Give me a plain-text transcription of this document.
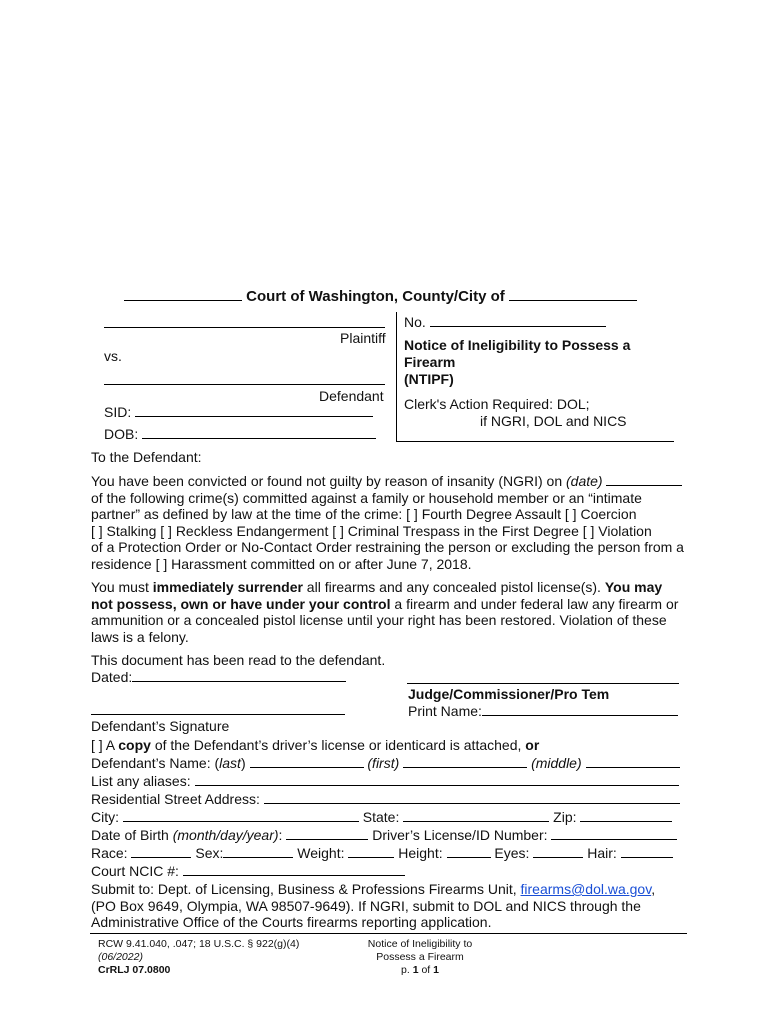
Court of Washington, County/City of
Plaintiff
vs.
Defendant
SID:
DOB:
No.
Notice of Ineligibility to Possess a
Firearm
(NTIPF)
Clerk's Action Required: DOL;
if NGRI, DOL and NICS
To the Defendant:
You have been convicted or found not guilty by reason of insanity (NGRI) on (date)
of the following crime(s) committed against a family or household member or an “intimate
partner” as defined by law at the time of the crime: [ ] Fourth Degree Assault [ ] Coercion
[ ] Stalking [ ] Reckless Endangerment [ ] Criminal Trespass in the First Degree [ ] Violation
of a Protection Order or No-Contact Order restraining the person or excluding the person from a
residence [ ] Harassment committed on or after June 7, 2018.
You must immediately surrender all firearms and any concealed pistol license(s). You may
not possess, own or have under your control a firearm and under federal law any firearm or
ammunition or a concealed pistol license until your right has been restored. Violation of these
laws is a felony.
This document has been read to the defendant.
Dated:
Judge/Commissioner/Pro Tem
Print Name:
Defendant’s Signature
[ ] A copy of the Defendant’s driver’s license or identicard is attached, or
Defendant’s Name: (last)	(first)	(middle)
List any aliases:
Residential Street Address:
City:	State:	Zip:
Date of Birth (month/day/year):	Driver’s License/ID Number:
Race:	Sex:	Weight:	Height:	Eyes:	Hair:
Court NCIC #:
Submit to: Dept. of Licensing, Business & Professions Firearms Unit, firearms@dol.wa.gov,
(PO Box 9649, Olympia, WA 98507-9649). If NGRI, submit to DOL and NICS through the
Administrative Office of the Courts firearms reporting application.
RCW 9.41.040, .047; 18 U.S.C. § 922(g)(4)
(06/2022)
CrRLJ 07.0800
Notice of Ineligibility to
Possess a Firearm
p. 1 of 1
